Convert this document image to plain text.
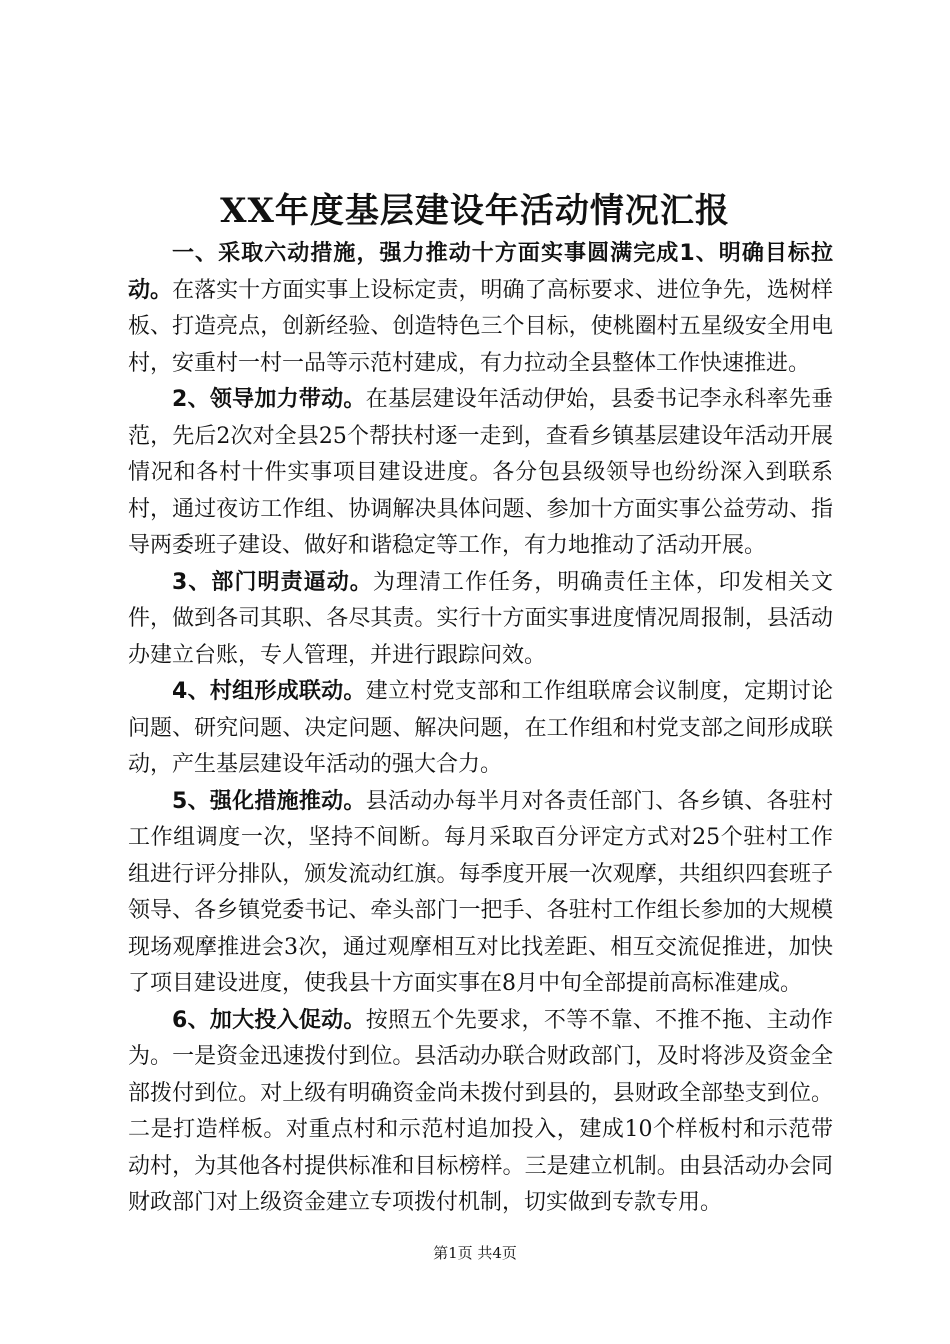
XX年度基层建设年活动情况汇报

一、采取六动措施，强力推动十方面实事圆满完成1、明确目标拉动。在落实十方面实事上设标定责，明确了高标要求、进位争先，选树样板、打造亮点，创新经验、创造特色三个目标，使桃圈村五星级安全用电村，安重村一村一品等示范村建成，有力拉动全县整体工作快速推进。

2、领导加力带动。在基层建设年活动伊始，县委书记李永科率先垂范，先后2次对全县25个帮扶村逐一走到，查看乡镇基层建设年活动开展情况和各村十件实事项目建设进度。各分包县级领导也纷纷深入到联系村，通过夜访工作组、协调解决具体问题、参加十方面实事公益劳动、指导两委班子建设、做好和谐稳定等工作，有力地推动了活动开展。

3、部门明责逼动。为理清工作任务，明确责任主体，印发相关文件，做到各司其职、各尽其责。实行十方面实事进度情况周报制，县活动办建立台账，专人管理，并进行跟踪问效。

4、村组形成联动。建立村党支部和工作组联席会议制度，定期讨论问题、研究问题、决定问题、解决问题，在工作组和村党支部之间形成联动，产生基层建设年活动的强大合力。

5、强化措施推动。县活动办每半月对各责任部门、各乡镇、各驻村工作组调度一次，坚持不间断。每月采取百分评定方式对25个驻村工作组进行评分排队，颁发流动红旗。每季度开展一次观摩，共组织四套班子领导、各乡镇党委书记、牵头部门一把手、各驻村工作组长参加的大规模现场观摩推进会3次，通过观摩相互对比找差距、相互交流促推进，加快了项目建设进度，使我县十方面实事在8月中旬全部提前高标准建成。

6、加大投入促动。按照五个先要求，不等不靠、不推不拖、主动作为。一是资金迅速拨付到位。县活动办联合财政部门，及时将涉及资金全部拨付到位。对上级有明确资金尚未拨付到县的，县财政全部垫支到位。二是打造样板。对重点村和示范村追加投入，建成10个样板村和示范带动村，为其他各村提供标准和目标榜样。三是建立机制。由县活动办会同财政部门对上级资金建立专项拨付机制，切实做到专款专用。

第1页 共4页
